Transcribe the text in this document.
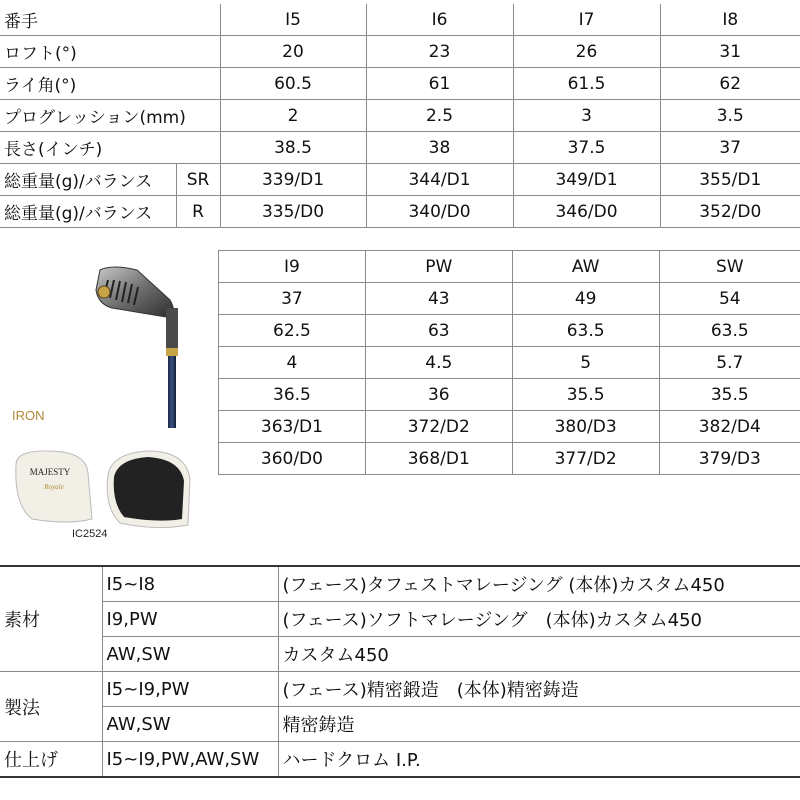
番手		I5	I6	I7	I8
ロフト(°)		20	23	26	31
ライ角(°)		60.5	61	61.5	62
プログレッション(mm)		2	2.5	3	3.5
長さ(インチ)		38.5	38	37.5	37
総重量(g)/バランス	SR	339/D1	344/D1	349/D1	355/D1
総重量(g)/バランス	R	335/D0	340/D0	346/D0	352/D0
IRON
MAJESTY
Royale
IC2524
I9	PW	AW	SW
37	43	49	54
62.5	63	63.5	63.5
4	4.5	5	5.7
36.5	36	35.5	35.5
363/D1	372/D2	380/D3	382/D4
360/D0	368/D1	377/D2	379/D3
素材	I5~I8	(フェース)タフェストマレージング (本体)カスタム450
	I9,PW	(フェース)ソフトマレージング　(本体)カスタム450
	AW,SW	カスタム450
製法	I5~I9,PW	(フェース)精密鍛造　(本体)精密鋳造
	AW,SW	精密鋳造
仕上げ	I5~I9,PW,AW,SW	ハードクロム I.P.
